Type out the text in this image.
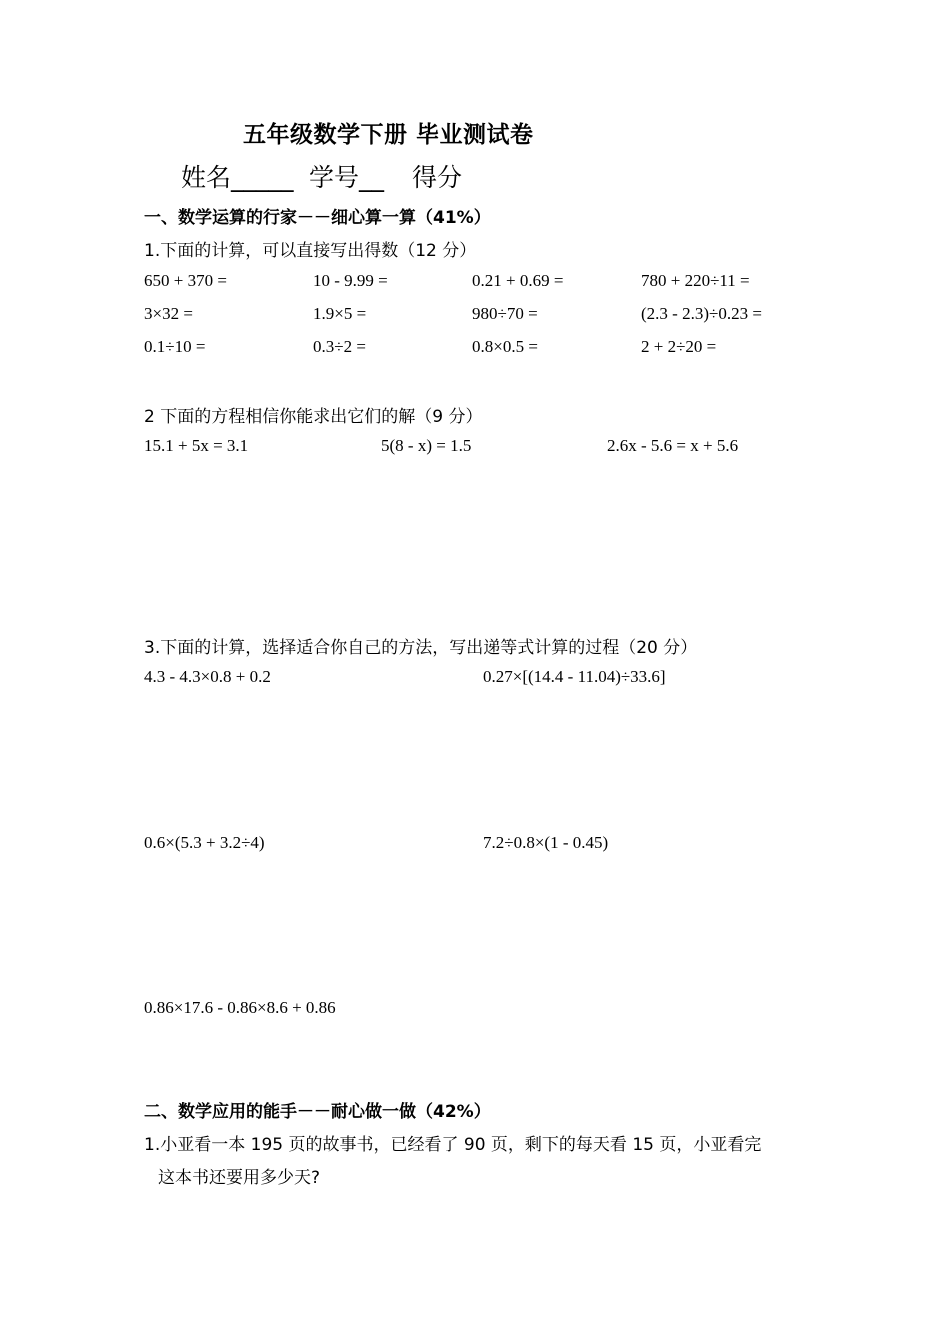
五年级数学下册 毕业测试卷
姓名_____ 学号__ 得分
一、数学运算的行家－－细心算一算（41%）
1.下面的计算，可以直接写出得数（12 分）
650 + 370 =	10 - 9.99 =	0.21 + 0.69 =	780 + 220÷11 =
3×32 =	1.9×5 =	980÷70 =	(2.3 - 2.3)÷0.23 =
0.1÷10 =	0.3÷2 =	0.8×0.5 =	2 + 2÷20 =
2 下面的方程相信你能求出它们的解（9 分）
15.1 + 5x = 3.1	5(8 - x) = 1.5	2.6x - 5.6 = x + 5.6
3.下面的计算，选择适合你自己的方法，写出递等式计算的过程（20 分）
4.3 - 4.3×0.8 + 0.2	0.27×[(14.4 - 11.04)÷33.6]
0.6×(5.3 + 3.2÷4)	7.2÷0.8×(1 - 0.45)
0.86×17.6 - 0.86×8.6 + 0.86
二、数学应用的能手－－耐心做一做（42%）
1.小亚看一本 195 页的故事书，已经看了 90 页，剩下的每天看 15 页，小亚看完
这本书还要用多少天?
